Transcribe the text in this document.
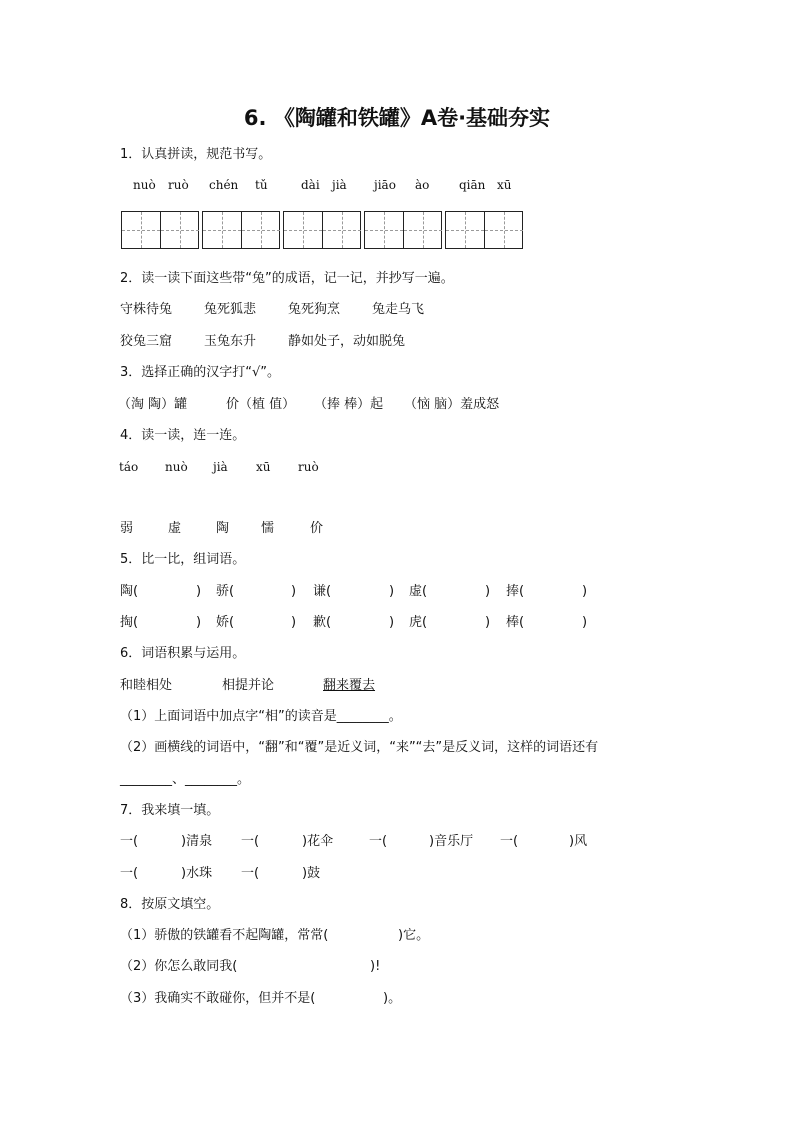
6. 《陶罐和铁罐》A卷·基础夯实
1．认真拼读，规范书写。
nuò ruò chén tǔ	dài jià jiāo ào qiān xū
2．读一读下面这些带“兔”的成语，记一记，并抄写一遍。
守株待兔 兔死狐悲 兔死狗烹 兔走乌飞
狡兔三窟 玉兔东升 静如处子，动如脱兔
3．选择正确的汉字打“√”。
（淘 陶）罐	价（植 值） （捧 棒）起 （恼 脑）羞成怒
4．读一读，连一连。
táo nuò jià xū ruò
弱	虚	陶 懦	价
5．比一比，组词语。
陶(	) 骄(	) 谦(	) 虚(	) 捧(	)
掏(	) 娇(	) 歉(	) 虎(	) 棒(	)
6．词语积累与运用。
和睦相处	相提并论	翻来覆去
（1）上面词语中加点字“相”的读音是________。
（2）画横线的词语中，“翻”和“覆”是近义词，“来”“去”是反义词，这样的词语还有
________、________。
7．我来填一填。
一(	)清泉 一(	)花伞	一(	)音乐厅 一(	)风
一(	)水珠 一(	)鼓
8．按原文填空。
（1）骄傲的铁罐看不起陶罐，常常(	)它。
（2）你怎么敢同我(	)!
（3）我确实不敢碰你，但并不是(	)。
